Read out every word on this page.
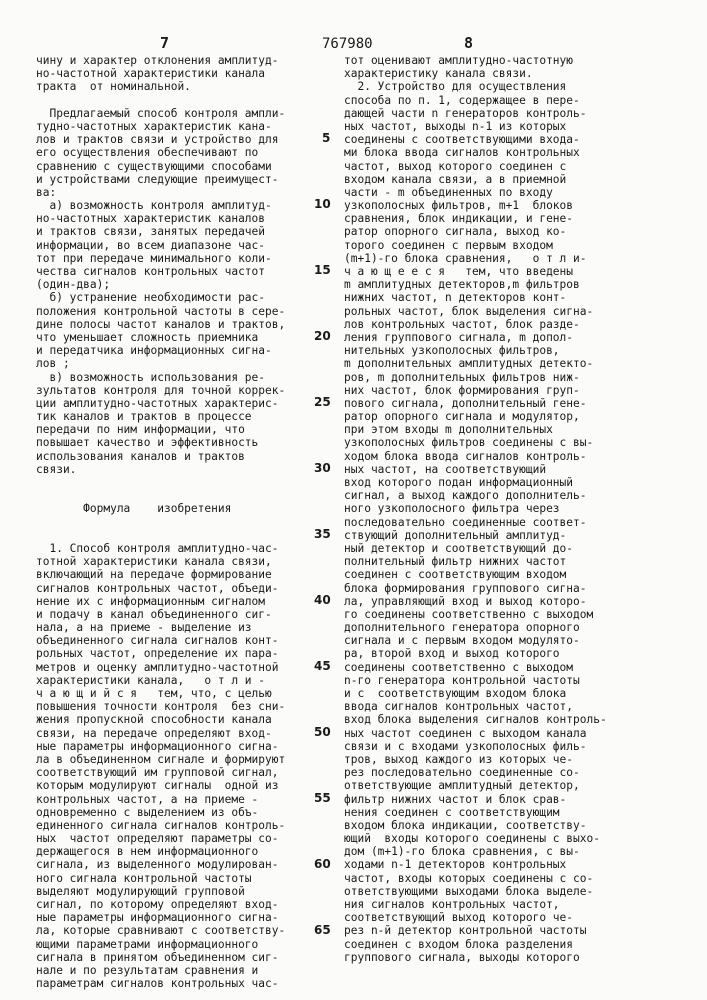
7	767980	8
чину и характер отклонения амплитуд-
но-частотной характеристики канала
тракта  от номинальной.
Предлагаемый способ контроля ампли-
тудно-частотных характеристик кана-
лов и трактов связи и устройство для
его осуществления обеспечивают по
сравнению с существующими способами
и устройствами следующие преимущест-
ва:
а) возможность контроля амплитуд-
но-частотных характеристик каналов
и трактов связи, занятых передачей
информации, во всем диапазоне час-
тот при передаче минимального коли-
чества сигналов контрольных частот
(один-два);
б) устранение необходимости рас-
положения контрольной частоты в сере-
дине полосы частот каналов и трактов,
что уменьшает сложность приемника
и передатчика информационных сигна-
лов ;
в) возможность использования ре-
зультатов контроля для точной коррек-
ции амплитудно-частотных характерис-
тик каналов и трактов в процессе
передачи по ним информации, что
повышает качество и эффективность
использования каналов и трактов
связи.
Формула    изобретения
1. Способ контроля амплитудно-час-
тотной характеристики канала связи,
включающий на передаче формирование
сигналов контрольных частот, объеди-
нение их с информационным сигналом
и подачу в канал объединенного сиг-
нала, а на приеме - выделение из
объединенного сигнала сигналов конт-
рольных частот, определение их пара-
метров и оценку амплитудно-частотной
характеристики канала,   о т л и -
ч а ю щ и й с я   тем, что, с целью
повышения точности контроля  без сни-
жения пропускной способности канала
связи, на передаче определяют вход-
ные параметры информационного сигна-
ла в объединенном сигнале и формируют
соответствующий им групповой сигнал,
которым модулируют сигналы  одной из
контрольных частот, а на приеме -
одновременно с выделением из объ-
единенного сигнала сигналов контроль-
ных  частот определяют параметры со-
держащегося в нем информационного
сигнала, из выделенного модулирован-
ного сигнала контрольной частоты
выделяют модулирующий групповой
сигнал, по которому определяют вход-
ные параметры информационного сигна-
ла, которые сравнивают с соответству-
ющими параметрами информационного
сигнала в принятом объединенном сиг-
нале и по результатам сравнения и
параметрам сигналов контрольных час-
тот оценивают амплитудно-частотную
характеристику канала связи.
2. Устройство для осуществления
способа по п. 1, содержащее в пере-
дающей части n генераторов контроль-
ных частот, выходы n-1 из которых
соединены с соответствующими входа-
ми блока ввода сигналов контрольных
частот, выход которого соединен с
входом канала связи, а в приемной
части - m объединенных по входу
узкополосных фильтров, m+1  блоков
сравнения, блок индикации, и гене-
ратор опорного сигнала, выход ко-
торого соединен с первым входом
(m+1)-го блока сравнения,   о т л и-
ч а ю щ е е с я   тем, что введены
m амплитудных детекторов,m фильтров
нижних частот, n детекторов конт-
рольных частот, блок выделения сигна-
лов контрольных частот, блок разде-
ления группового сигнала, m допол-
нительных узкополосных фильтров,
m дополнительных амплитудных детекто-
ров, m дополнительных фильтров ниж-
них частот, блок формирования груп-
пового сигнала, дополнительный гене-
ратор опорного сигнала и модулятор,
при этом входы m дополнительных
узкополосных фильтров соединены с вы-
ходом блока ввода сигналов контроль-
ных частот, на соответствующий
вход которого подан информационный
сигнал, а выход каждого дополнитель-
ного узкополосного фильтра через
последовательно соединенные соответ-
ствующий дополнительный амплитуд-
ный детектор и соответствующий до-
полнительный фильтр нижних частот
соединен с соответствующим входом
блока формирования группового сигна-
ла, управляющий вход и выход которо-
го соединены соответственно с выходом
дополнительного генератора опорного
сигнала и с первым входом модулято-
ра, второй вход и выход которого
соединены соответственно с выходом
n-го генератора контрольной частоты
и с  соответствующим входом блока
ввода сигналов контрольных частот,
вход блока выделения сигналов контроль-
ных частот соединен с выходом канала
связи и с входами узкополосных филь-
тров, выход каждого из которых че-
рез последовательно соединенные со-
ответствующие амплитудный детектор,
фильтр нижних частот и блок срав-
нения соединен с соответствующим
входом блока индикации, соответству-
ющий  входы которого соединены с выхо-
дом (m+1)-го блока сравнения, с вы-
ходами n-1 детекторов контрольных
частот, входы которых соединены с со-
ответствующими выходами блока выделе-
ния сигналов контрольных частот,
соответствующий выход которого че-
рез n-й детектор контрольной частоты
соединен с входом блока разделения
группового сигнала, выходы которого
5
10
15
20
25
30
35
40
45
50
55
60
65
